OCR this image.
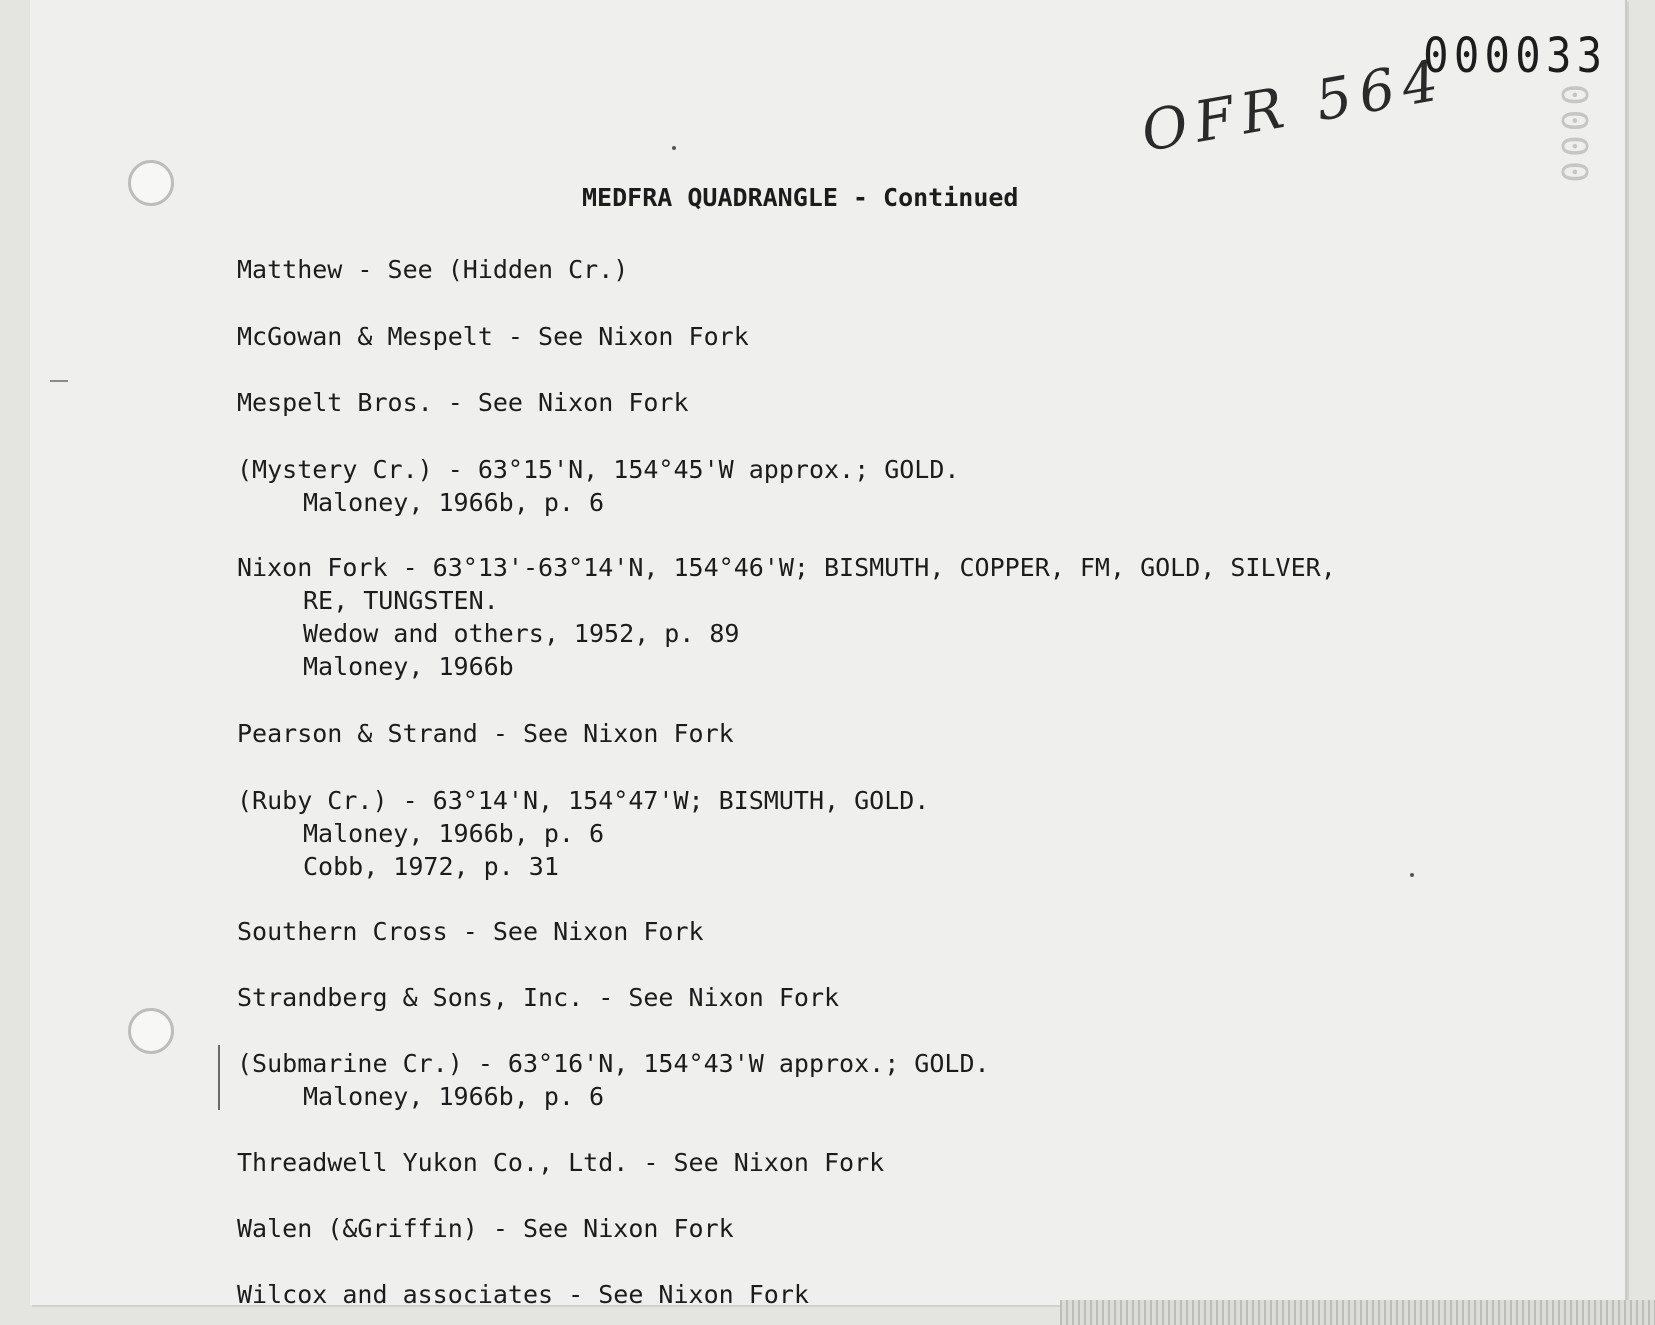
000033
0000
OFR 564
MEDFRA QUADRANGLE - Continued
Matthew - See (Hidden Cr.)
McGowan & Mespelt - See Nixon Fork
Mespelt Bros. - See Nixon Fork
(Mystery Cr.) - 63°15'N, 154°45'W approx.; GOLD.
Maloney, 1966b, p. 6
Nixon Fork - 63°13'-63°14'N, 154°46'W; BISMUTH, COPPER, FM, GOLD, SILVER,
RE, TUNGSTEN.
Wedow and others, 1952, p. 89
Maloney, 1966b
Pearson & Strand - See Nixon Fork
(Ruby Cr.) - 63°14'N, 154°47'W; BISMUTH, GOLD.
Maloney, 1966b, p. 6
Cobb, 1972, p. 31
Southern Cross - See Nixon Fork
Strandberg & Sons, Inc. - See Nixon Fork
(Submarine Cr.) - 63°16'N, 154°43'W approx.; GOLD.
Maloney, 1966b, p. 6
Threadwell Yukon Co., Ltd. - See Nixon Fork
Walen (&Griffin) - See Nixon Fork
Wilcox and associates - See Nixon Fork
